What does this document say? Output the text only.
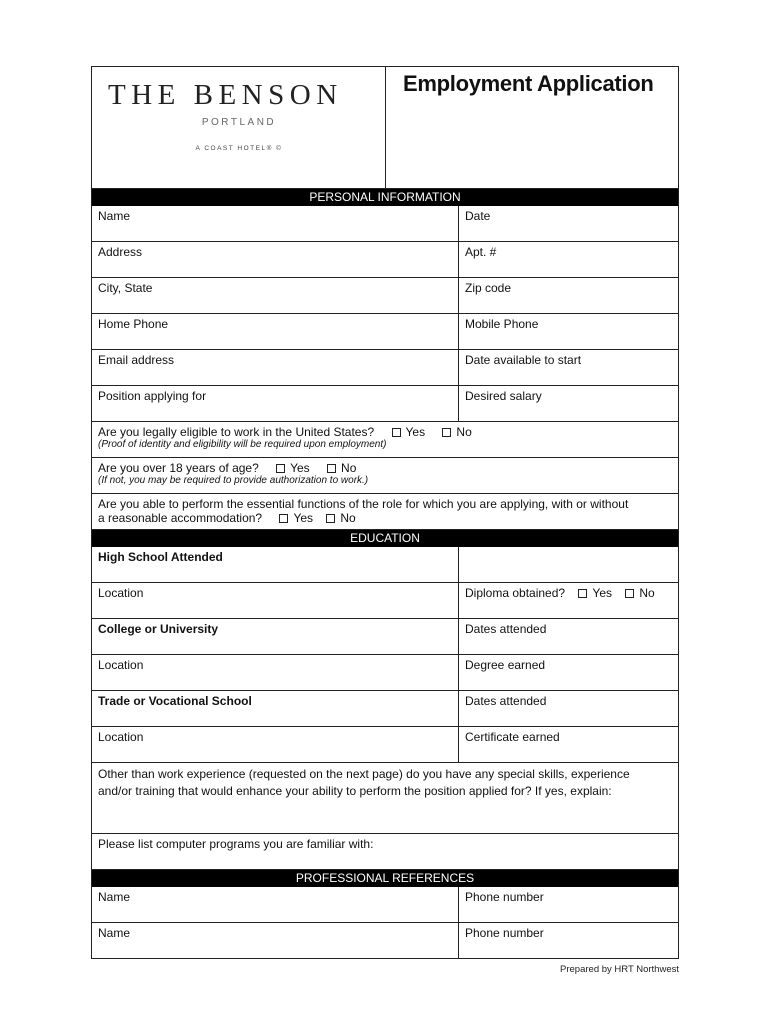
THE BENSON
PORTLAND
A COAST HOTEL® ©
Employment Application
PERSONAL INFORMATION
Name	Date
Address	Apt. #
City, State	Zip code
Home Phone	Mobile Phone
Email address	Date available to start
Position applying for	Desired salary
Are you legally eligible to work in the United States?	Yes	No
(Proof of identity and eligibility will be required upon employment)
Are you over 18 years of age?	Yes	No
(If not, you may be required to provide authorization to work.)
Are you able to perform the essential functions of the role for which you are applying, with or without
a reasonable accommodation?	Yes No
EDUCATION
High School Attended
Location	Diploma obtained? Yes No
College or University	Dates attended
Location	Degree earned
Trade or Vocational School	Dates attended
Location	Certificate earned
Other than work experience (requested on the next page) do you have any special skills, experience
and/or training that would enhance your ability to perform the position applied for? If yes, explain:
Please list computer programs you are familiar with:
PROFESSIONAL REFERENCES
Name	Phone number
Name	Phone number
Prepared by HRT Northwest
